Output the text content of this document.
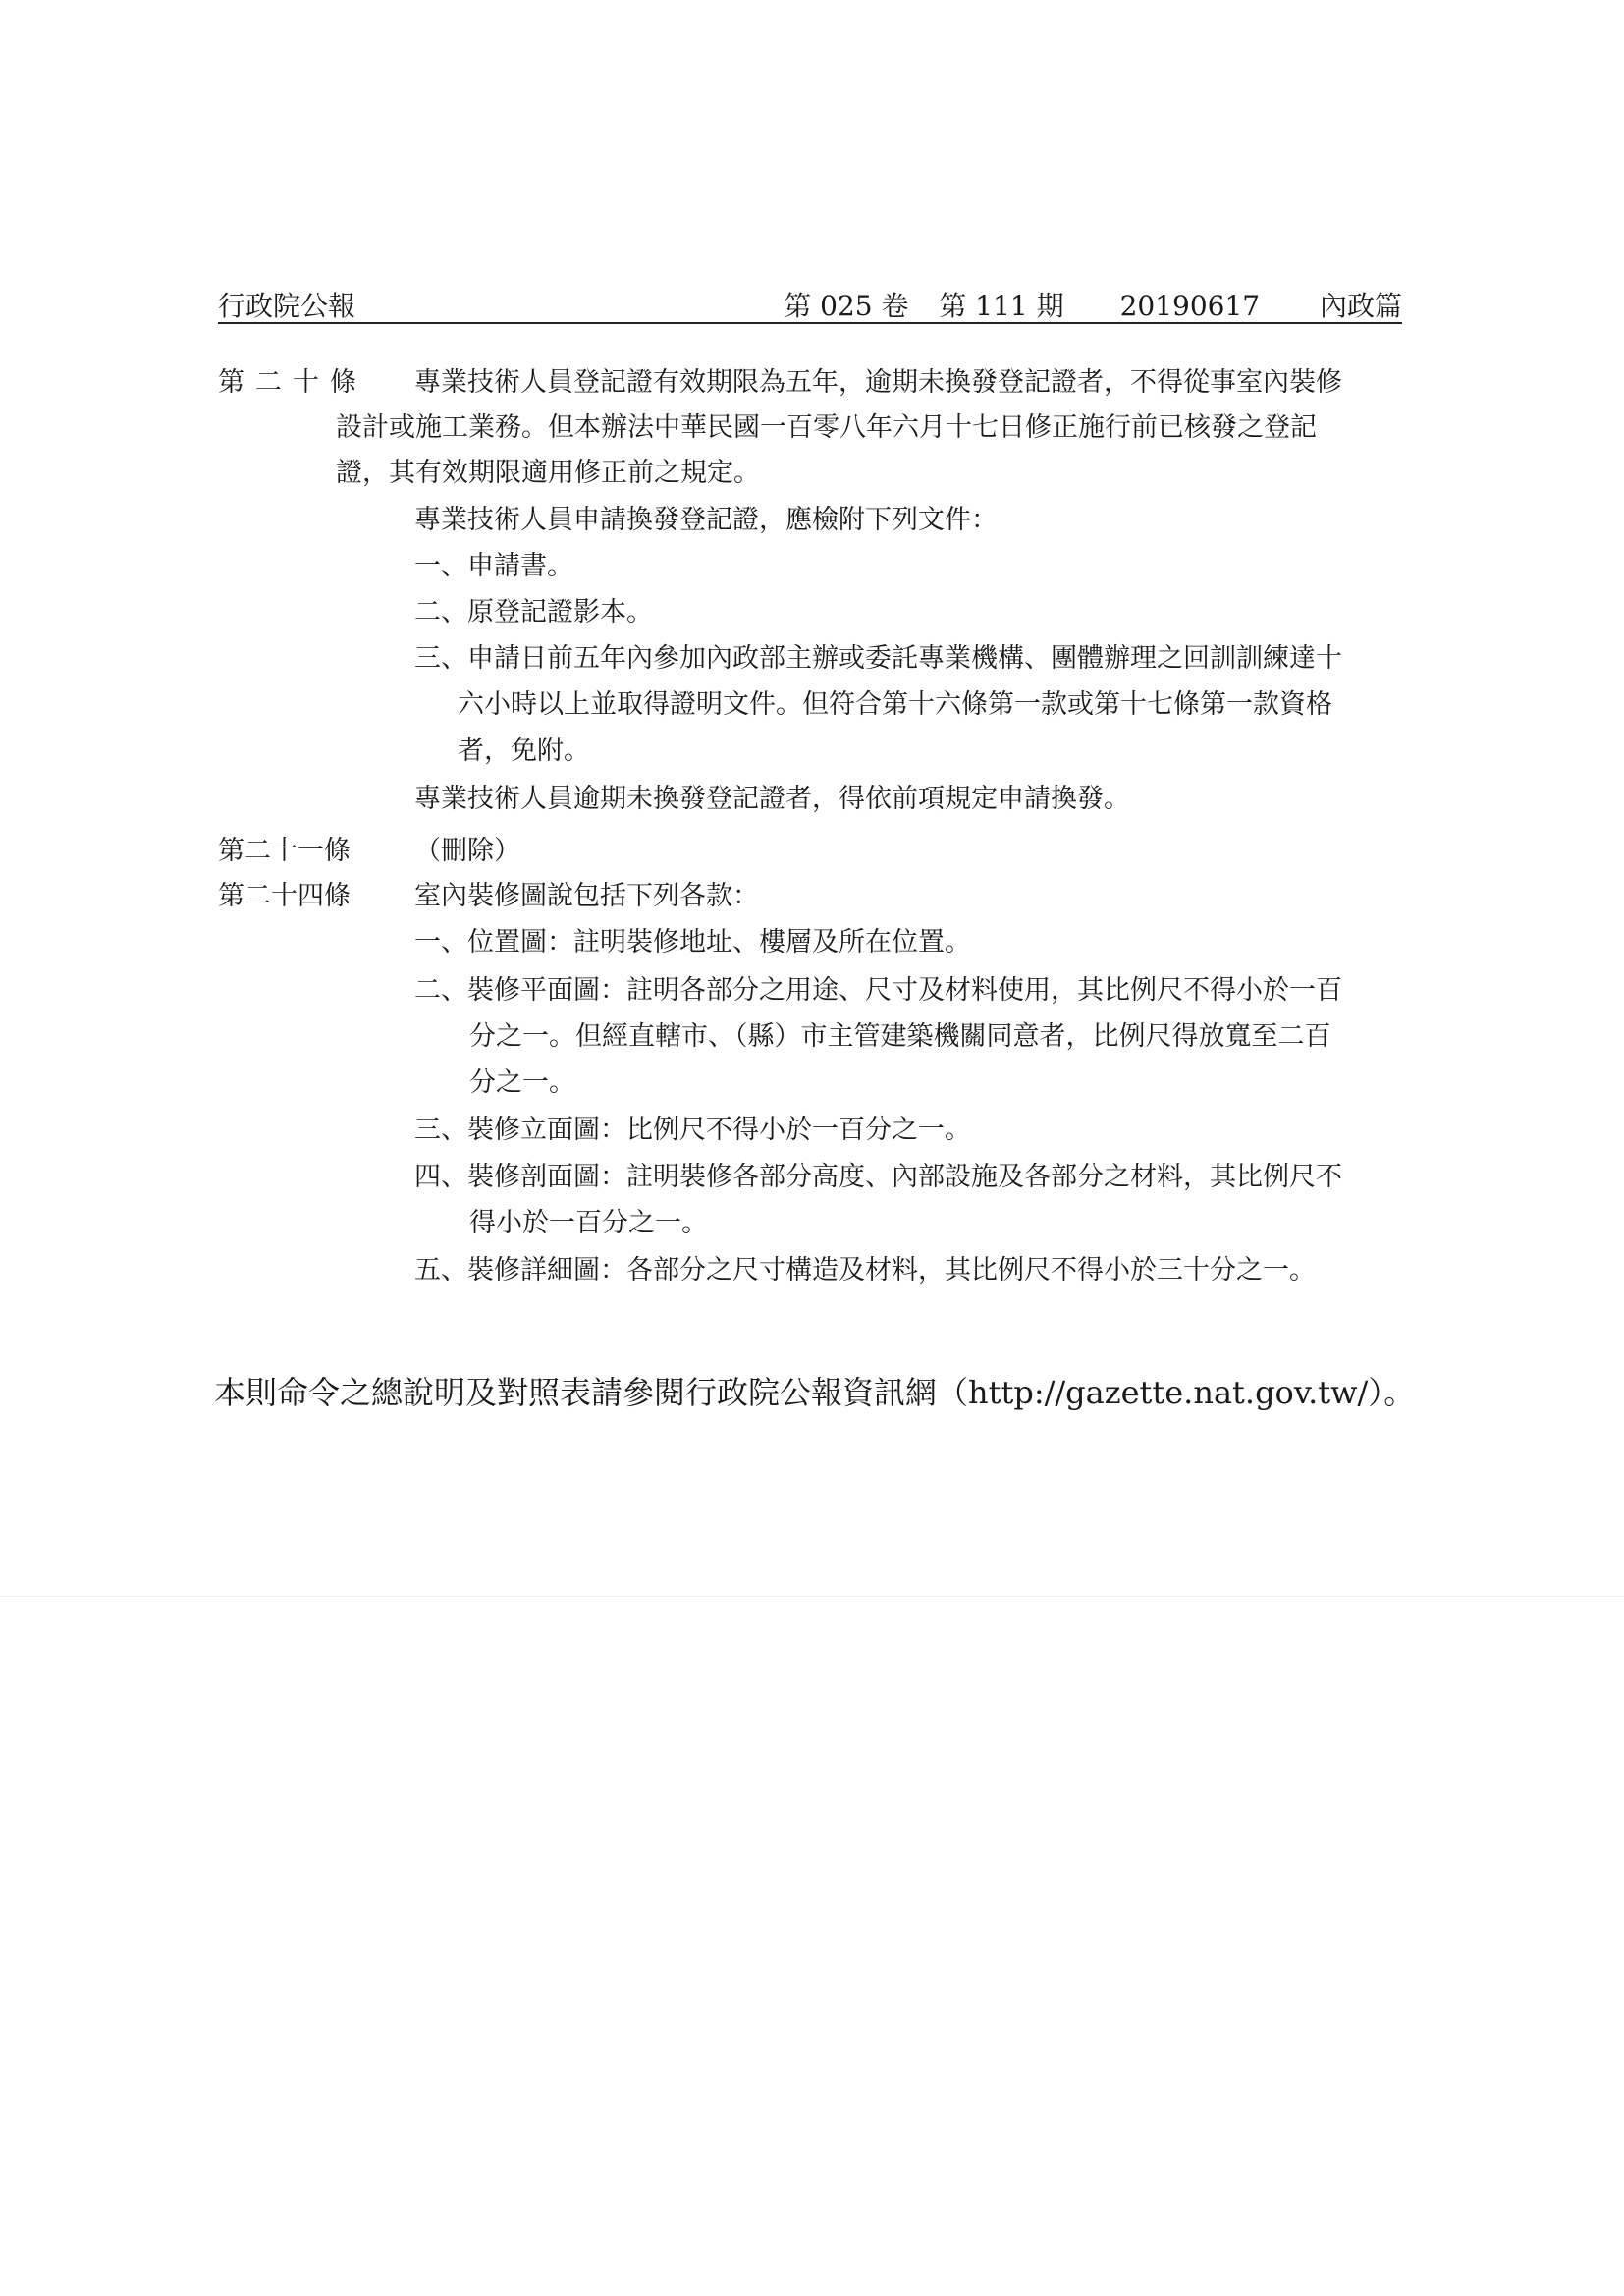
行政院公報	第 025 卷 第 111 期 20190617 內政篇
第二十條 專業技術人員登記證有效期限為五年，逾期未換發登記證者，不得從事室內裝修
設計或施工業務。但本辦法中華民國一百零八年六月十七日修正施行前已核發之登記
證，其有效期限適用修正前之規定。
專業技術人員申請換發登記證，應檢附下列文件：
一、申請書。
二、原登記證影本。
三、申請日前五年內參加內政部主辦或委託專業機構、團體辦理之回訓訓練達十
六小時以上並取得證明文件。但符合第十六條第一款或第十七條第一款資格
者，免附。
專業技術人員逾期未換發登記證者，得依前項規定申請換發。
第二十一條 （刪除）
第二十四條 室內裝修圖說包括下列各款：
一、位置圖：註明裝修地址、樓層及所在位置。
二、裝修平面圖：註明各部分之用途、尺寸及材料使用，其比例尺不得小於一百
分之一。但經直轄市、（縣）市主管建築機關同意者，比例尺得放寬至二百
分之一。
三、裝修立面圖：比例尺不得小於一百分之一。
四、裝修剖面圖：註明裝修各部分高度、內部設施及各部分之材料，其比例尺不
得小於一百分之一。
五、裝修詳細圖：各部分之尺寸構造及材料，其比例尺不得小於三十分之一。
本則命令之總說明及對照表請參閱行政院公報資訊網（http://gazette.nat.gov.tw/）。
